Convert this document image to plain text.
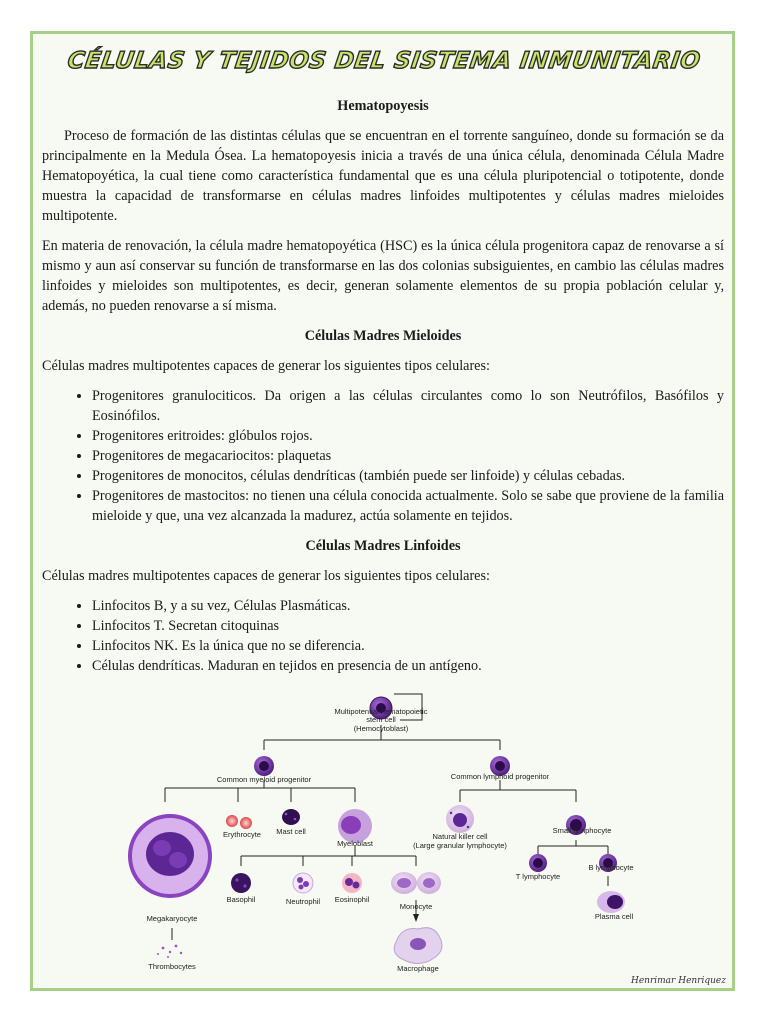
CÉLULAS Y TEJIDOS DEL SISTEMA INMUNITARIO
Hematopoyesis

Proceso de formación de las distintas células que se encuentran en el torrente sanguíneo, donde su formación se da principalmente en la Medula Ósea. La hematopoyesis inicia a través de una única célula, denominada Célula Madre Hematopoyética, la cual tiene como característica fundamental que es una célula pluripotencial o totipotente, donde muestra la capacidad de transformarse en células madres linfoides multipotentes y células madres mieloides multipotente.

En materia de renovación, la célula madre hematopoyética (HSC) es la única célula progenitora capaz de renovarse a sí mismo y aun así conservar su función de transformarse en las dos colonias subsiguientes, en cambio las células madres linfoides y mieloides son multipotentes, es decir, generan solamente elementos de su propia población celular y, además, no pueden renovarse a sí misma.

Células Madres Mieloides

Células madres multipotentes capaces de generar los siguientes tipos celulares:

• Progenitores granulociticos. Da origen a las células circulantes como lo son Neutrófilos, Basófilos y Eosinófilos.
• Progenitores eritroides: glóbulos rojos.
• Progenitores de megacariocitos: plaquetas
• Progenitores de monocitos, células dendríticas (también puede ser linfoide) y células cebadas.
• Progenitores de mastocitos: no tienen una célula conocida actualmente. Solo se sabe que proviene de la familia mieloide y que, una vez alcanzada la madurez, actúa solamente en tejidos.
Células Madres Linfoides

Células madres multipotentes capaces de generar los siguientes tipos celulares:

• Linfocitos B, y a su vez, Células Plasmáticas.
• Linfocitos T. Secretan citoquinas
• Linfocitos NK. Es la única que no se diferencia.
• Células dendríticas. Maduran en tejidos en presencia de un antígeno.
Multipotential hematopoietic
stem cell
(Hemocytoblast)
Common myeloid progenitor	Common lymphoid progenitor
Megakaryocyte
Thrombocytes
Erythrocyte Mast cell
Myeloblast
Basophil	Neutrophil Eosinophil
Monocyte
Macrophage
Natural killer cell
(Large granular lymphocyte)
Small lymphocyte
T lymphocyte
B lymphocyte
Plasma cell
Henrimar Henriquez
